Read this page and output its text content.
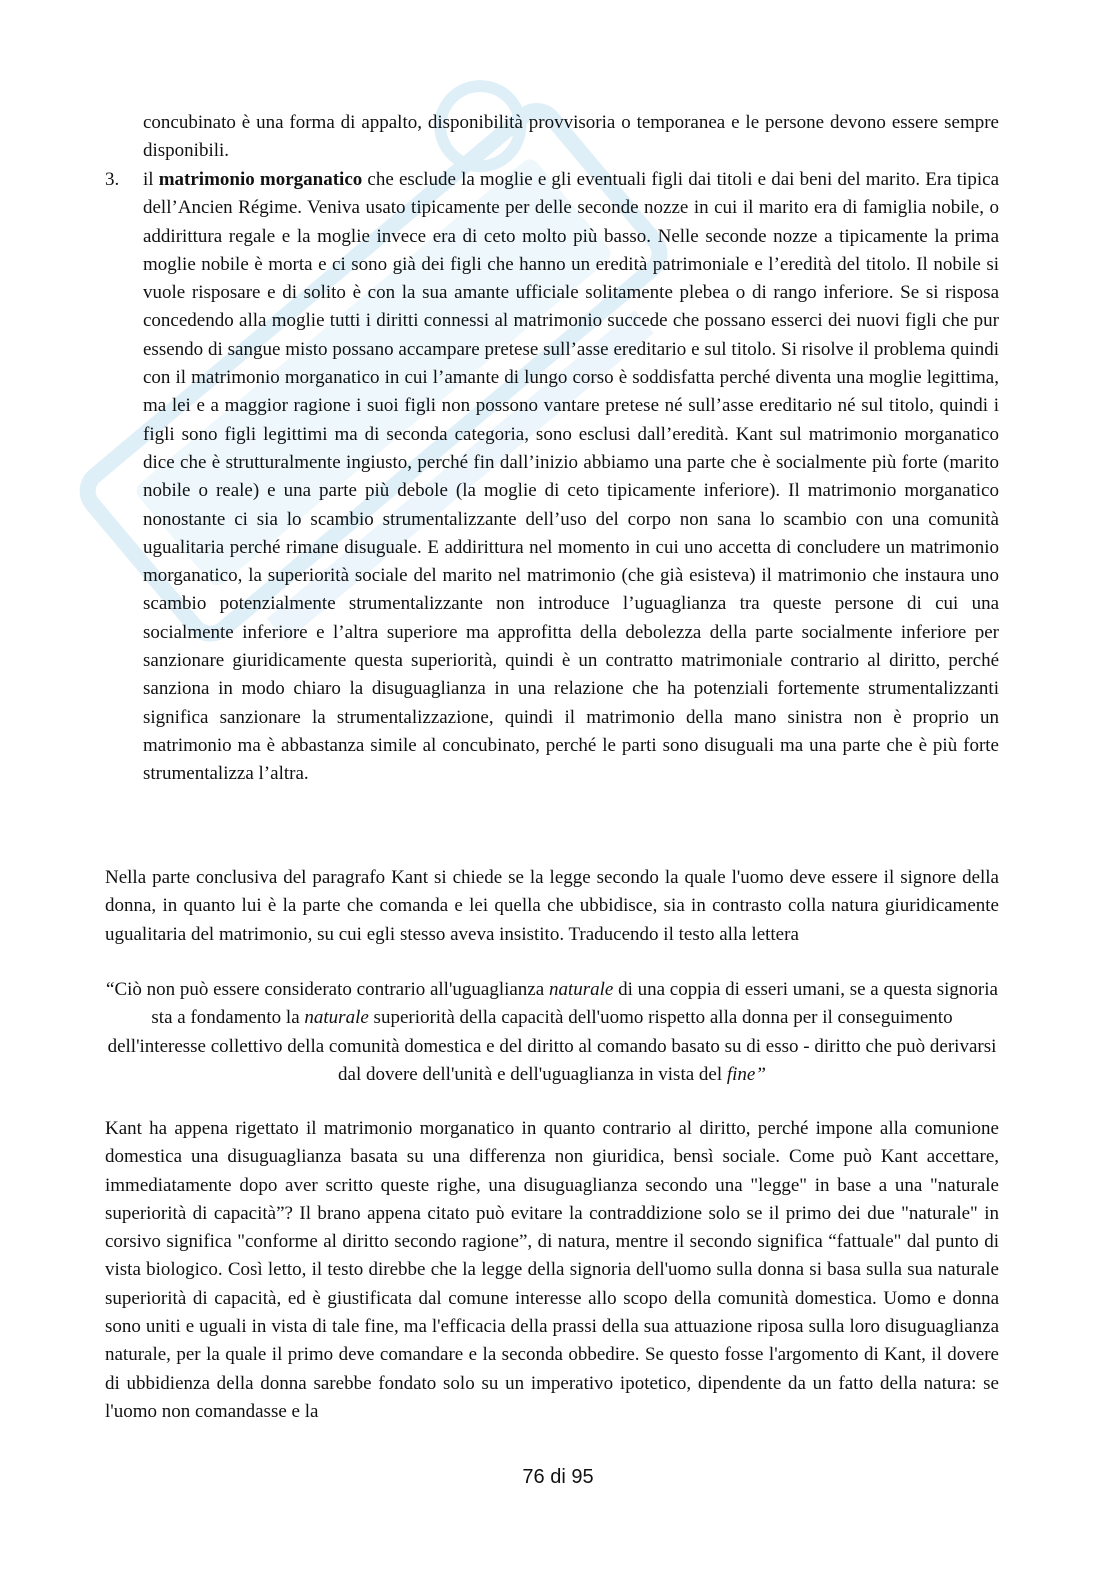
concubinato è una forma di appalto, disponibilità provvisoria o temporanea e le persone devono essere sempre disponibili.
3.	il matrimonio morganatico che esclude la moglie e gli eventuali figli dai titoli e dai beni del marito. Era tipica dell’Ancien Régime. Veniva usato tipicamente per delle seconde nozze in cui il marito era di famiglia nobile, o addirittura regale e la moglie invece era di ceto molto più basso. Nelle seconde nozze a tipicamente la prima moglie nobile è morta e ci sono già dei figli che hanno un eredità patrimoniale e l’eredità del titolo. Il nobile si vuole risposare e di solito è con la sua amante ufficiale solitamente plebea o di rango inferiore. Se si risposa concedendo alla moglie tutti i diritti connessi al matrimonio succede che possano esserci dei nuovi figli che pur essendo di sangue misto possano accampare pretese sull’asse ereditario e sul titolo. Si risolve il problema quindi con il matrimonio morganatico in cui l’amante di lungo corso è soddisfatta perché diventa una moglie legittima, ma lei e a maggior ragione i suoi figli non possono vantare pretese né sull’asse ereditario né sul titolo, quindi i figli sono figli legittimi ma di seconda categoria, sono esclusi dall’eredità. Kant sul matrimonio morganatico dice che è strutturalmente ingiusto, perché fin dall’inizio abbiamo una parte che è socialmente più forte (marito nobile o reale) e una parte più debole (la moglie di ceto tipicamente inferiore). Il matrimonio morganatico nonostante ci sia lo scambio strumentalizzante dell’uso del corpo non sana lo scambio con una comunità ugualitaria perché rimane disuguale. E addirittura nel momento in cui uno accetta di concludere un matrimonio morganatico, la superiorità sociale del marito nel matrimonio (che già esisteva) il matrimonio che instaura uno scambio potenzialmente strumentalizzante non introduce l’uguaglianza tra queste persone di cui una socialmente inferiore e l’altra superiore ma approfitta della debolezza della parte socialmente inferiore per sanzionare giuridicamente questa superiorità, quindi è un contratto matrimoniale contrario al diritto, perché sanziona in modo chiaro la disuguaglianza in una relazione che ha potenziali fortemente strumentalizzanti significa sanzionare la strumentalizzazione, quindi il matrimonio della mano sinistra non è proprio un matrimonio ma è abbastanza simile al concubinato, perché le parti sono disuguali ma una parte che è più forte strumentalizza l’altra.
Nella parte conclusiva del paragrafo Kant si chiede se la legge secondo la quale l'uomo deve essere il signore della donna, in quanto lui è la parte che comanda e lei quella che ubbidisce, sia in contrasto colla natura giuridicamente ugualitaria del matrimonio, su cui egli stesso aveva insistito. Traducendo il testo alla lettera
“Ciò non può essere considerato contrario all'uguaglianza naturale di una coppia di esseri umani, se a questa signoria sta a fondamento la naturale superiorità della capacità dell'uomo rispetto alla donna per il conseguimento dell'interesse collettivo della comunità domestica e del diritto al comando basato su di esso - diritto che può derivarsi dal dovere dell'unità e dell'uguaglianza in vista del fine”
Kant ha appena rigettato il matrimonio morganatico in quanto contrario al diritto, perché impone alla comunione domestica una disuguaglianza basata su una differenza non giuridica, bensì sociale. Come può Kant accettare, immediatamente dopo aver scritto queste righe, una disuguaglianza secondo una "legge" in base a una "naturale superiorità di capacità”? Il brano appena citato può evitare la contraddizione solo se il primo dei due "naturale" in corsivo significa "conforme al diritto secondo ragione”, di natura, mentre il secondo significa “fattuale" dal punto di vista biologico. Così letto, il testo direbbe che la legge della signoria dell'uomo sulla donna si basa sulla sua naturale superiorità di capacità, ed è giustificata dal comune interesse allo scopo della comunità domestica. Uomo e donna sono uniti e uguali in vista di tale fine, ma l'efficacia della prassi della sua attuazione riposa sulla loro disuguaglianza naturale, per la quale il primo deve comandare e la seconda obbedire. Se questo fosse l'argomento di Kant, il dovere di ubbidienza della donna sarebbe fondato solo su un imperativo ipotetico, dipendente da un fatto della natura: se l'uomo non comandasse e la
76 di 95
